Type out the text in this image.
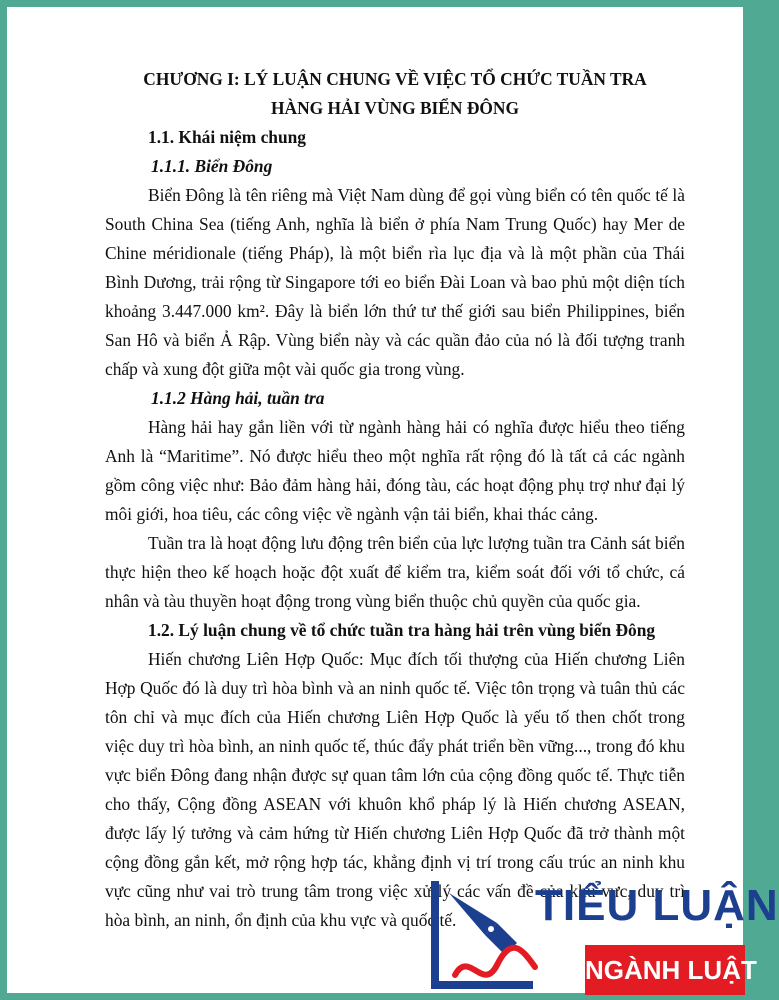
CHƯƠNG I: LÝ LUẬN CHUNG VỀ VIỆC TỔ CHỨC TUẦN TRA

HÀNG HẢI VÙNG BIỂN ĐÔNG

1.1. Khái niệm chung

1.1.1. Biển Đông

Biển Đông là tên riêng mà Việt Nam dùng để gọi vùng biển có tên quốc tế là South China Sea (tiếng Anh, nghĩa là biển ở phía Nam Trung Quốc) hay Mer de Chine méridionale (tiếng Pháp), là một biển rìa lục địa và là một phần của Thái Bình Dương, trải rộng từ Singapore tới eo biển Đài Loan và bao phủ một diện tích khoảng 3.447.000 km². Đây là biển lớn thứ tư thế giới sau biển Philippines, biển San Hô và biển Ả Rập. Vùng biển này và các quần đảo của nó là đối tượng tranh chấp và xung đột giữa một vài quốc gia trong vùng.

1.1.2 Hàng hải, tuần tra

Hàng hải hay gắn liền với từ ngành hàng hải có nghĩa được hiểu theo tiếng Anh là “Maritime”. Nó được hiểu theo một nghĩa rất rộng đó là tất cả các ngành gồm công việc như: Bảo đảm hàng hải, đóng tàu, các hoạt động phụ trợ như đại lý môi giới, hoa tiêu, các công việc về ngành vận tải biển, khai thác cảng.

Tuần tra là hoạt động lưu động trên biển của lực lượng tuần tra Cảnh sát biển thực hiện theo kế hoạch hoặc đột xuất để kiểm tra, kiểm soát đối với tổ chức, cá nhân và tàu thuyền hoạt động trong vùng biển thuộc chủ quyền của quốc gia.

1.2. Lý luận chung về tổ chức tuần tra hàng hải trên vùng biển Đông

Hiến chương Liên Hợp Quốc: Mục đích tối thượng của Hiến chương Liên Hợp Quốc đó là duy trì hòa bình và an ninh quốc tế. Việc tôn trọng và tuân thủ các tôn chỉ và mục đích của Hiến chương Liên Hợp Quốc là yếu tố then chốt trong việc duy trì hòa bình, an ninh quốc tế, thúc đẩy phát triển bền vững..., trong đó khu vực biển Đông đang nhận được sự quan tâm lớn của cộng đồng quốc tế. Thực tiễn cho thấy, Cộng đồng ASEAN với khuôn khổ pháp lý là Hiến chương ASEAN, được lấy lý tưởng và cảm hứng từ Hiến chương Liên Hợp Quốc đã trở thành một cộng đồng gắn kết, mở rộng hợp tác, khẳng định vị trí trong cấu trúc an ninh khu vực cũng như vai trò trung tâm trong việc xử lý các vấn đề của khu vực, duy trì hòa bình, an ninh, ổn định của khu vực và quốc tế.	TIỂU LUẬN
NGÀNH LUẬT
